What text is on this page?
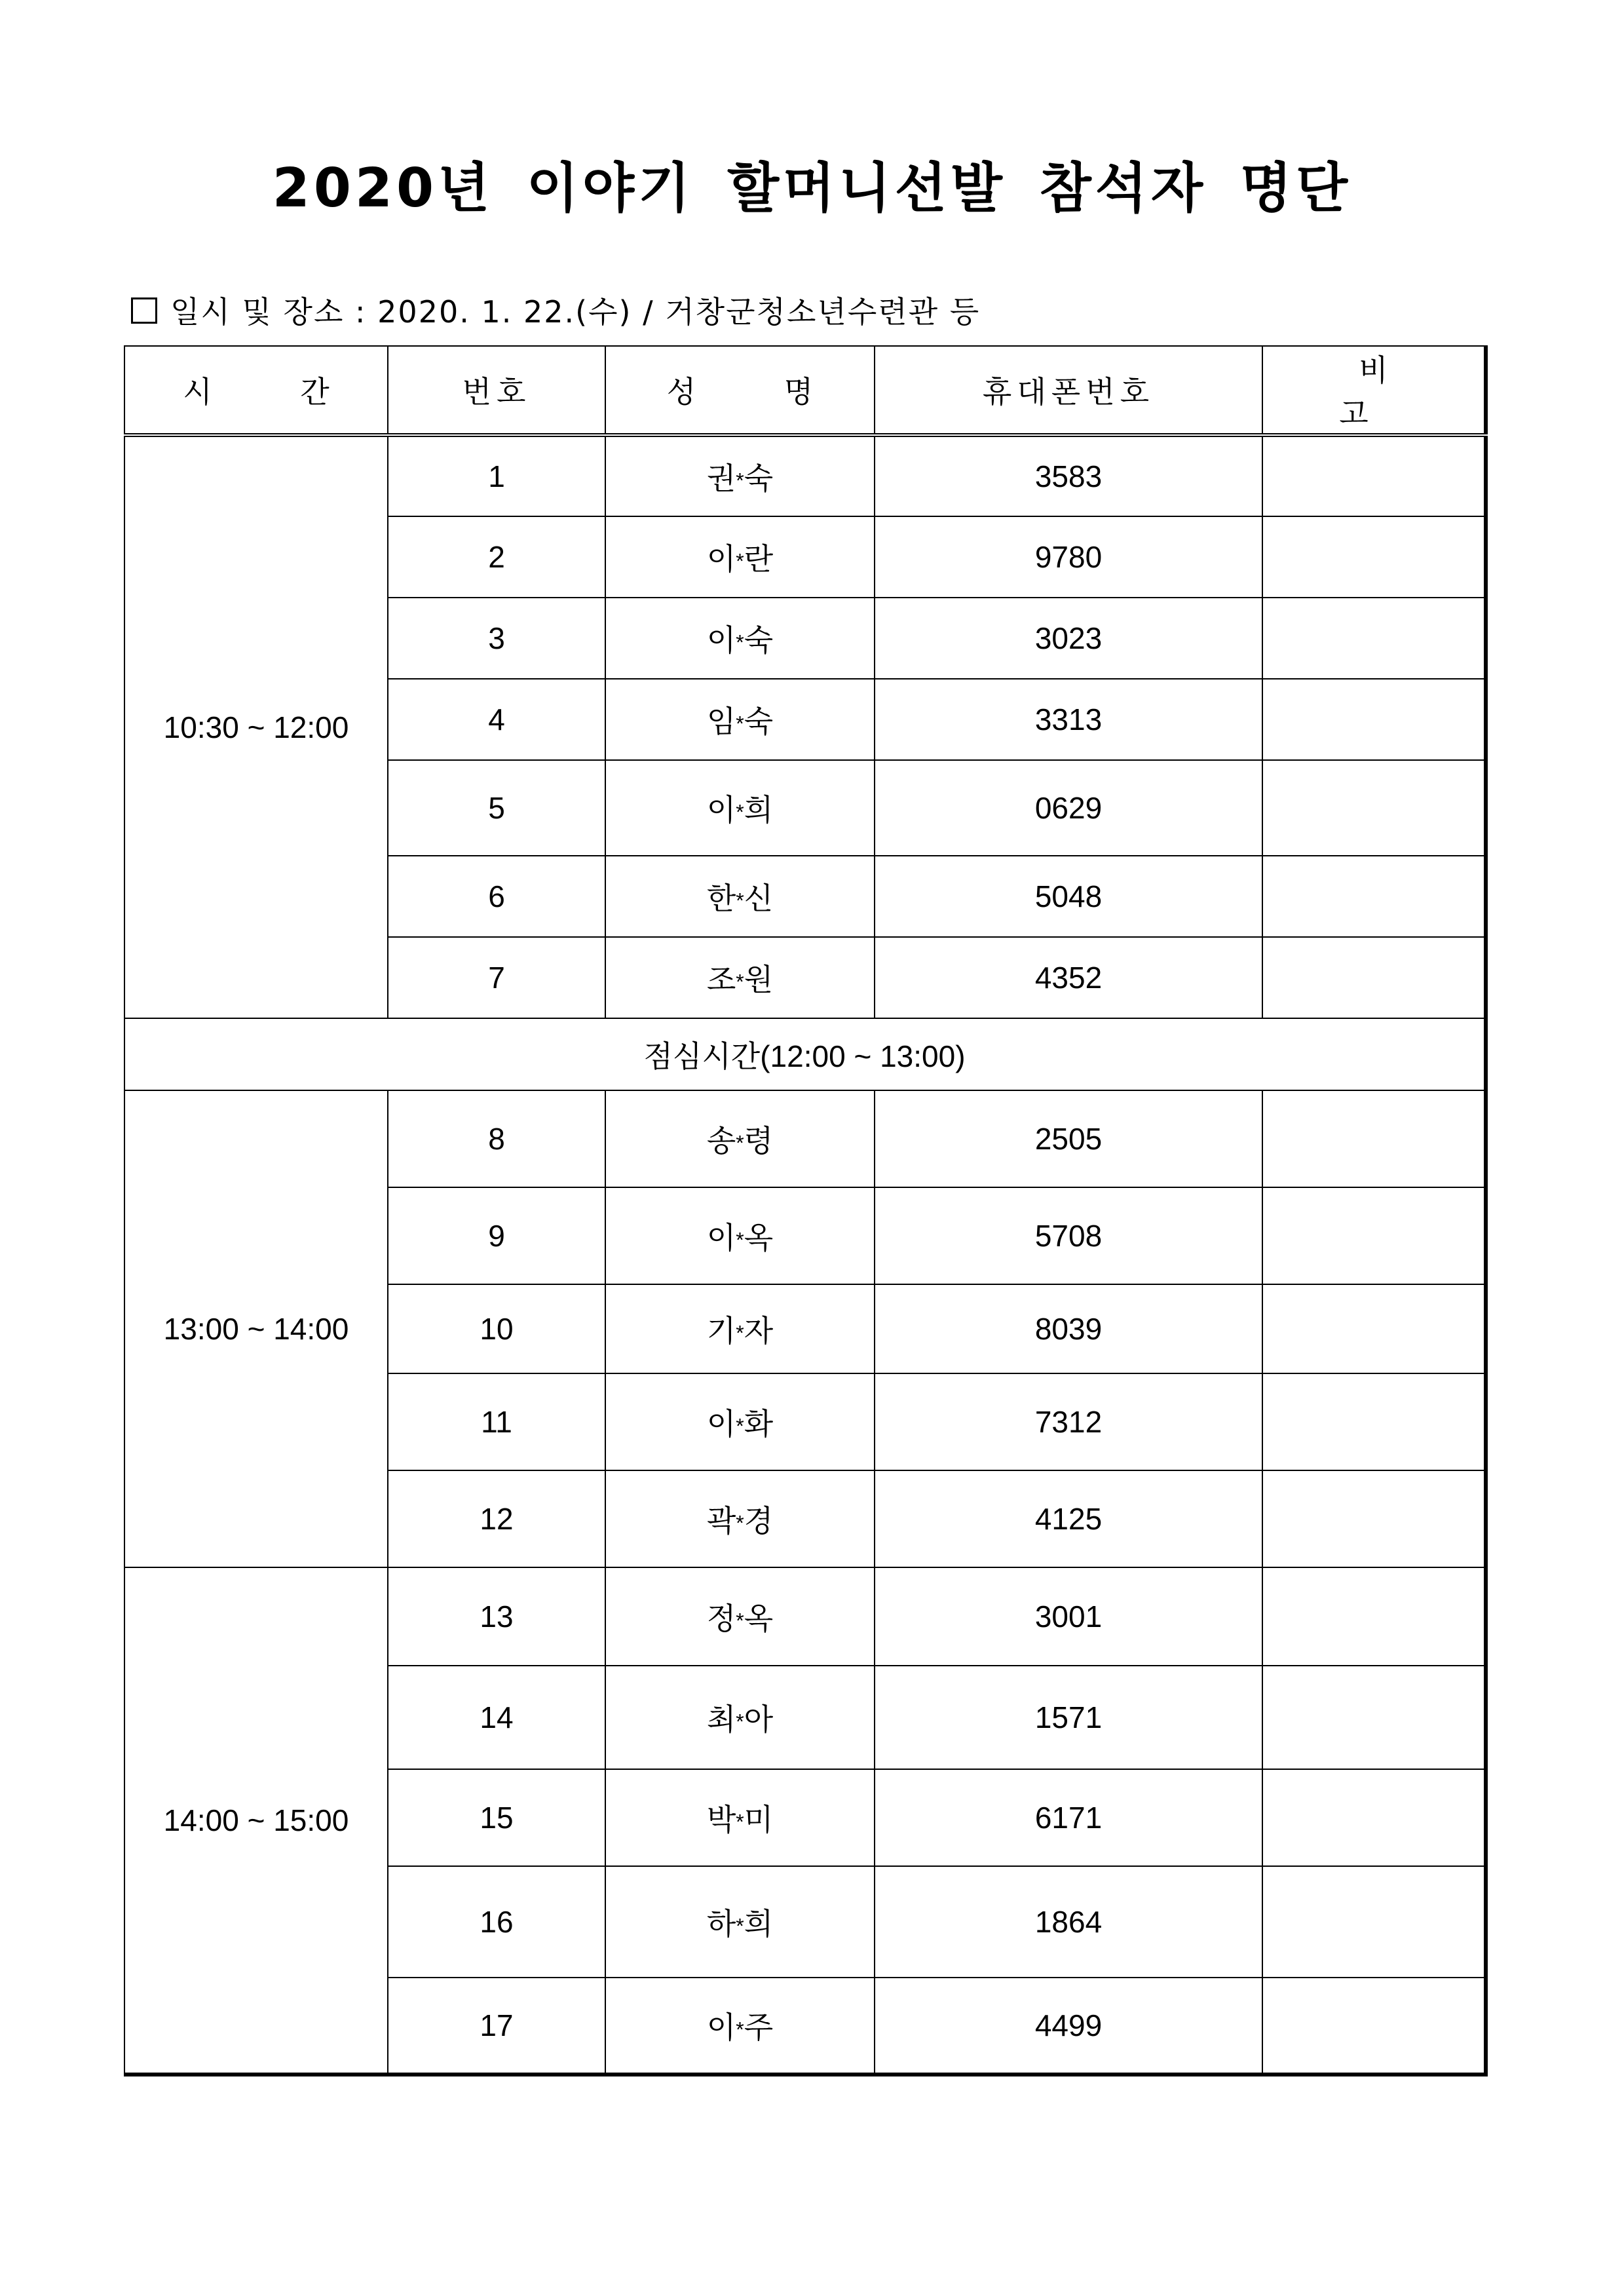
2020년 이야기 할머니선발 참석자 명단
일시 및 장소 : 2020. 1. 22.(수) / 거창군청소년수련관 등
시 간	번호	성 명	휴대폰번호	비 고
10:30 ~ 12:00	1	권*숙	3583	
	2	이*란	9780	
	3	이*숙	3023	
	4	임*숙	3313	
	5	이*희	0629	
	6	한*신	5048	
	7	조*원	4352	
점심시간(12:00 ~ 13:00)				
13:00 ~ 14:00	8	송*령	2505	
	9	이*옥	5708	
	10	기*자	8039	
	11	이*화	7312	
	12	곽*경	4125	
14:00 ~ 15:00	13	정*옥	3001	
	14	최*아	1571	
	15	박*미	6171	
	16	하*희	1864	
	17	이*주	4499	
